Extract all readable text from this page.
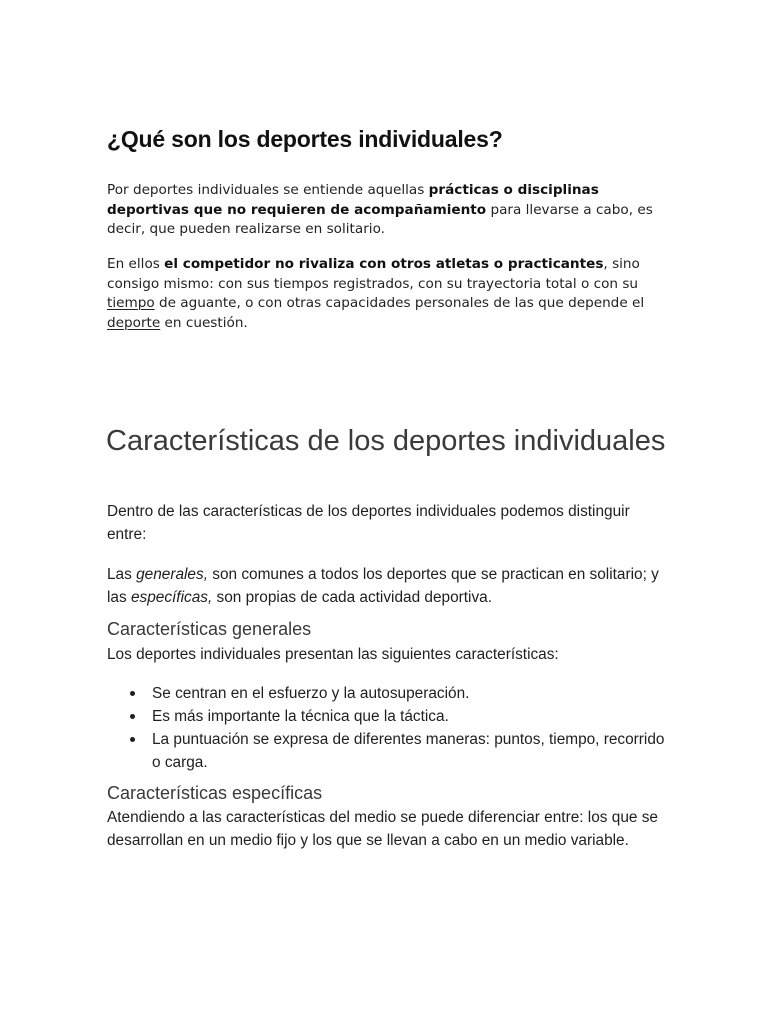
¿Qué son los deportes individuales?

Por deportes individuales se entiende aquellas prácticas o disciplinas deportivas que no requieren de acompañamiento para llevarse a cabo, es decir, que pueden realizarse en solitario.

En ellos el competidor no rivaliza con otros atletas o practicantes, sino consigo mismo: con sus tiempos registrados, con su trayectoria total o con su tiempo de aguante, o con otras capacidades personales de las que depende el deporte en cuestión.

Características de los deportes individuales

Dentro de las características de los deportes individuales podemos distinguir entre:

Las generales, son comunes a todos los deportes que se practican en solitario; y las específicas, son propias de cada actividad deportiva.

Características generales

Los deportes individuales presentan las siguientes características:

Se centran en el esfuerzo y la autosuperación.
Es más importante la técnica que la táctica.
La puntuación se expresa de diferentes maneras: puntos, tiempo, recorrido o carga.
Características específicas

Atendiendo a las características del medio se puede diferenciar entre: los que se desarrollan en un medio fijo y los que se llevan a cabo en un medio variable.
